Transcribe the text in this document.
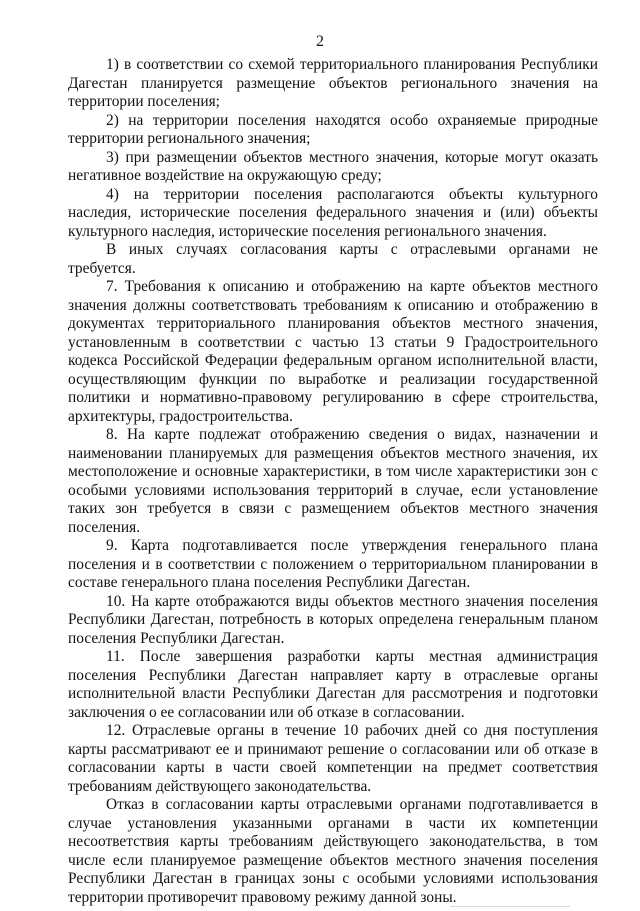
2

1) в соответствии со схемой территориального планирования Республики Дагестан планируется размещение объектов регионального значения на территории поселения;

2) на территории поселения находятся особо охраняемые природные территории регионального значения;

3) при размещении объектов местного значения, которые могут оказать негативное воздействие на окружающую среду;

4) на территории поселения располагаются объекты культурного наследия, исторические поселения федерального значения и (или) объекты культурного наследия, исторические поселения регионального значения.

В иных случаях согласования карты с отраслевыми органами не требуется.

7. Требования к описанию и отображению на карте объектов местного значения должны соответствовать требованиям к описанию и отображению в документах территориального планирования объектов местного значения, установленным в соответствии с частью 13 статьи 9 Градостроительного кодекса Российской Федерации федеральным органом исполнительной власти, осуществляющим функции по выработке и реализации государственной политики и нормативно-правовому регулированию в сфере строительства, архитектуры, градостроительства.

8. На карте подлежат отображению сведения о видах, назначении и наименовании планируемых для размещения объектов местного значения, их местоположение и основные характеристики, в том числе характеристики зон с особыми условиями использования территорий в случае, если установление таких зон требуется в связи с размещением объектов местного значения поселения.

9. Карта подготавливается после утверждения генерального плана поселения и в соответствии с положением о территориальном планировании в составе генерального плана поселения Республики Дагестан.

10. На карте отображаются виды объектов местного значения поселения Республики Дагестан, потребность в которых определена генеральным планом поселения Республики Дагестан.

11. После завершения разработки карты местная администрация поселения Республики Дагестан направляет карту в отраслевые органы исполнительной власти Республики Дагестан для рассмотрения и подготовки заключения о ее согласовании или об отказе в согласовании.

12. Отраслевые органы в течение 10 рабочих дней со дня поступления карты рассматривают ее и принимают решение о согласовании или об отказе в согласовании карты в части своей компетенции на предмет соответствия требованиям действующего законодательства.

Отказ в согласовании карты отраслевыми органами подготавливается в случае установления указанными органами в части их компетенции несоответствия карты требованиям действующего законодательства, в том числе если планируемое размещение объектов местного значения поселения Республики Дагестан в границах зоны с особыми условиями использования территории противоречит правовому режиму данной зоны.
